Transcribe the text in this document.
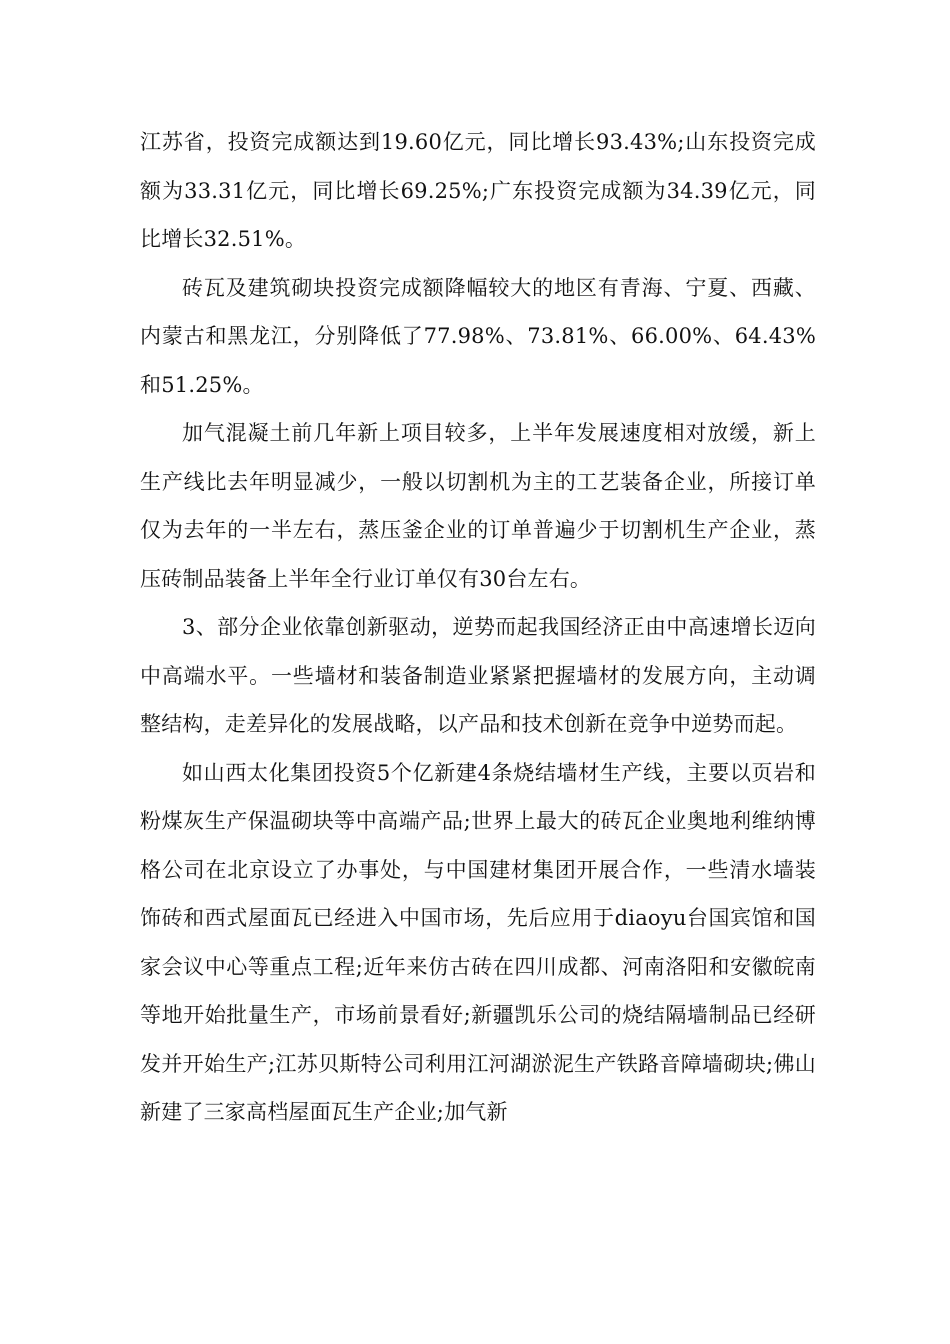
江苏省，投资完成额达到19.60亿元，同比增长93.43%;山东投资完成额为33.31亿元，同比增长69.25%;广东投资完成额为34.39亿元，同比增长32.51%。

砖瓦及建筑砌块投资完成额降幅较大的地区有青海、宁夏、西藏、内蒙古和黑龙江，分别降低了77.98%、73.81%、66.00%、64.43%和51.25%。

加气混凝土前几年新上项目较多，上半年发展速度相对放缓，新上生产线比去年明显减少，一般以切割机为主的工艺装备企业，所接订单仅为去年的一半左右，蒸压釜企业的订单普遍少于切割机生产企业，蒸压砖制品装备上半年全行业订单仅有30台左右。

3、部分企业依靠创新驱动，逆势而起我国经济正由中高速增长迈向中高端水平。一些墙材和装备制造业紧紧把握墙材的发展方向，主动调整结构，走差异化的发展战略，以产品和技术创新在竞争中逆势而起。

如山西太化集团投资5个亿新建4条烧结墙材生产线，主要以页岩和粉煤灰生产保温砌块等中高端产品;世界上最大的砖瓦企业奥地利维纳博格公司在北京设立了办事处，与中国建材集团开展合作，一些清水墙装饰砖和西式屋面瓦已经进入中国市场，先后应用于diaoyu台国宾馆和国家会议中心等重点工程;近年来仿古砖在四川成都、河南洛阳和安徽皖南等地开始批量生产，市场前景看好;新疆凯乐公司的烧结隔墙制品已经研发并开始生产;江苏贝斯特公司利用江河湖淤泥生产铁路音障墙砌块;佛山新建了三家高档屋面瓦生产企业;加气新
